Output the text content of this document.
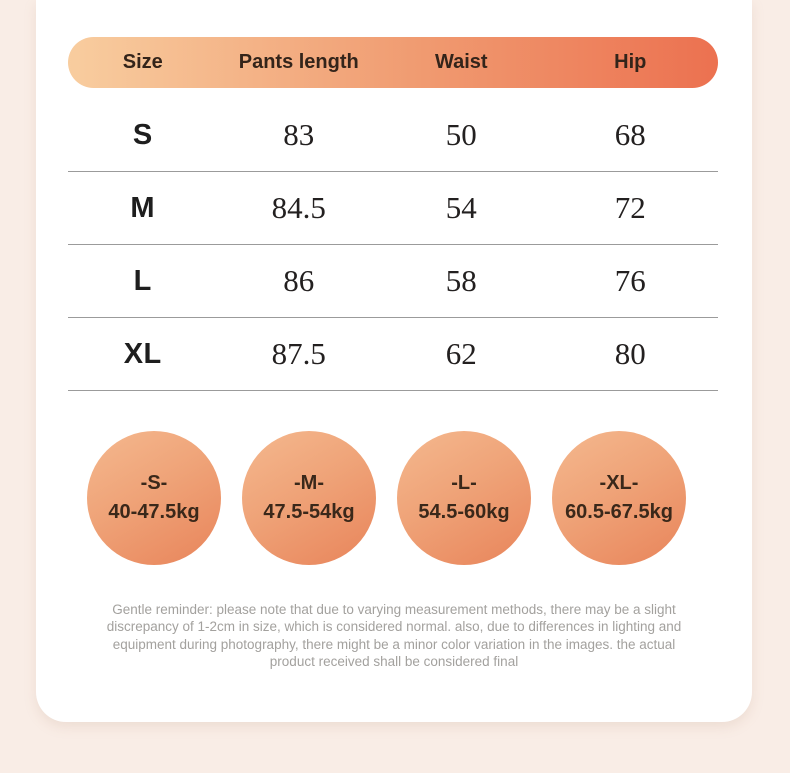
Size	Pants length	Waist	Hip
S	83	50	68
M	84.5	54	72
L	86	58	76
XL	87.5	62	80
-S-
40-47.5kg
-M-
47.5-54kg
-L-
54.5-60kg
-XL-
60.5-67.5kg
Gentle reminder: please note that due to varying measurement methods, there may be a slight
discrepancy of 1-2cm in size, which is considered normal. also, due to differences in lighting and
equipment during photography, there might be a minor color variation in the images. the actual
product received shall be considered final
